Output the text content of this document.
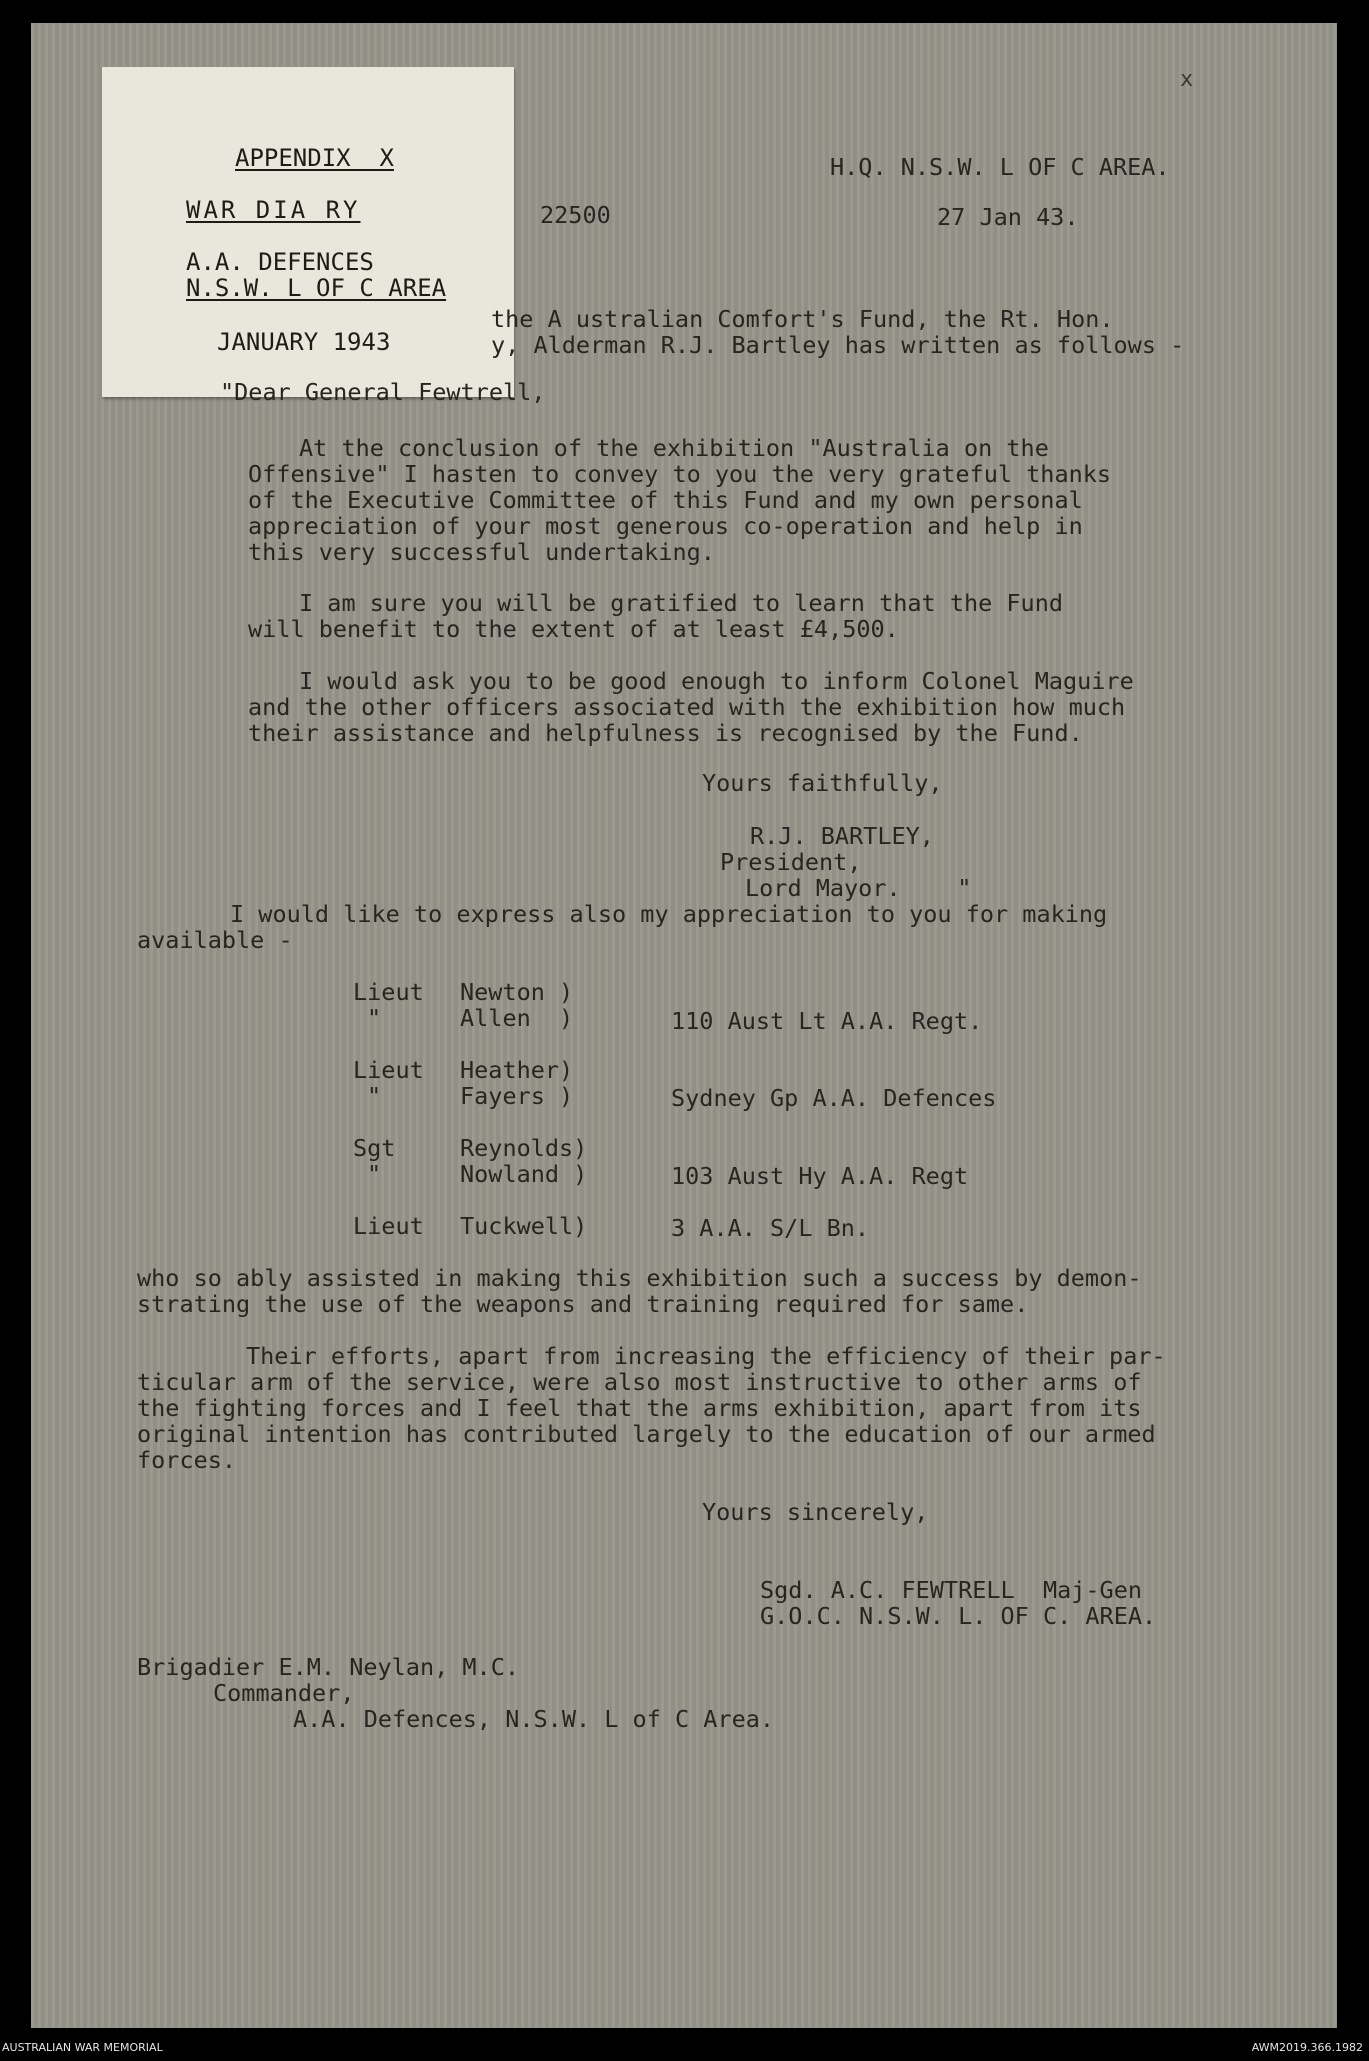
APPENDIX  X
WAR DIA RY
A.A. DEFENCES
N.S.W. L OF C AREA
JANUARY 1943
x
H.Q. N.S.W. L OF C AREA.
22500	27 Jan 43.
the A ustralian Comfort's Fund, the Rt. Hon.
y, Alderman R.J. Bartley has written as follows -
"Dear General Fewtrell,
At the conclusion of the exhibition "Australia on the
Offensive" I hasten to convey to you the very grateful thanks
of the Executive Committee of this Fund and my own personal
appreciation of your most generous co-operation and help in
this very successful undertaking.
I am sure you will be gratified to learn that the Fund
will benefit to the extent of at least £4,500.
I would ask you to be good enough to inform Colonel Maguire
and the other officers associated with the exhibition how much
their assistance and helpfulness is recognised by the Fund.
Yours faithfully,
R.J. BARTLEY,
President,
Lord Mayor.    "
I would like to express also my appreciation to you for making
available -
Lieut Newton )
"	Allen  )	110 Aust Lt A.A. Regt.
Lieut Heather)
"	Fayers )	Sydney Gp A.A. Defences
Sgt	Reynolds)
"	Nowland )	103 Aust Hy A.A. Regt
Lieut Tuckwell)	3 A.A. S/L Bn.
who so ably assisted in making this exhibition such a success by demon-
strating the use of the weapons and training required for same.
Their efforts, apart from increasing the efficiency of their par-
ticular arm of the service, were also most instructive to other arms of
the fighting forces and I feel that the arms exhibition, apart from its
original intention has contributed largely to the education of our armed
forces.
Yours sincerely,
Sgd. A.C. FEWTRELL  Maj-Gen
G.O.C. N.S.W. L. OF C. AREA.
Brigadier E.M. Neylan, M.C.
Commander,
A.A. Defences, N.S.W. L of C Area.
AUSTRALIAN WAR MEMORIAL	AWM2019.366.1982
